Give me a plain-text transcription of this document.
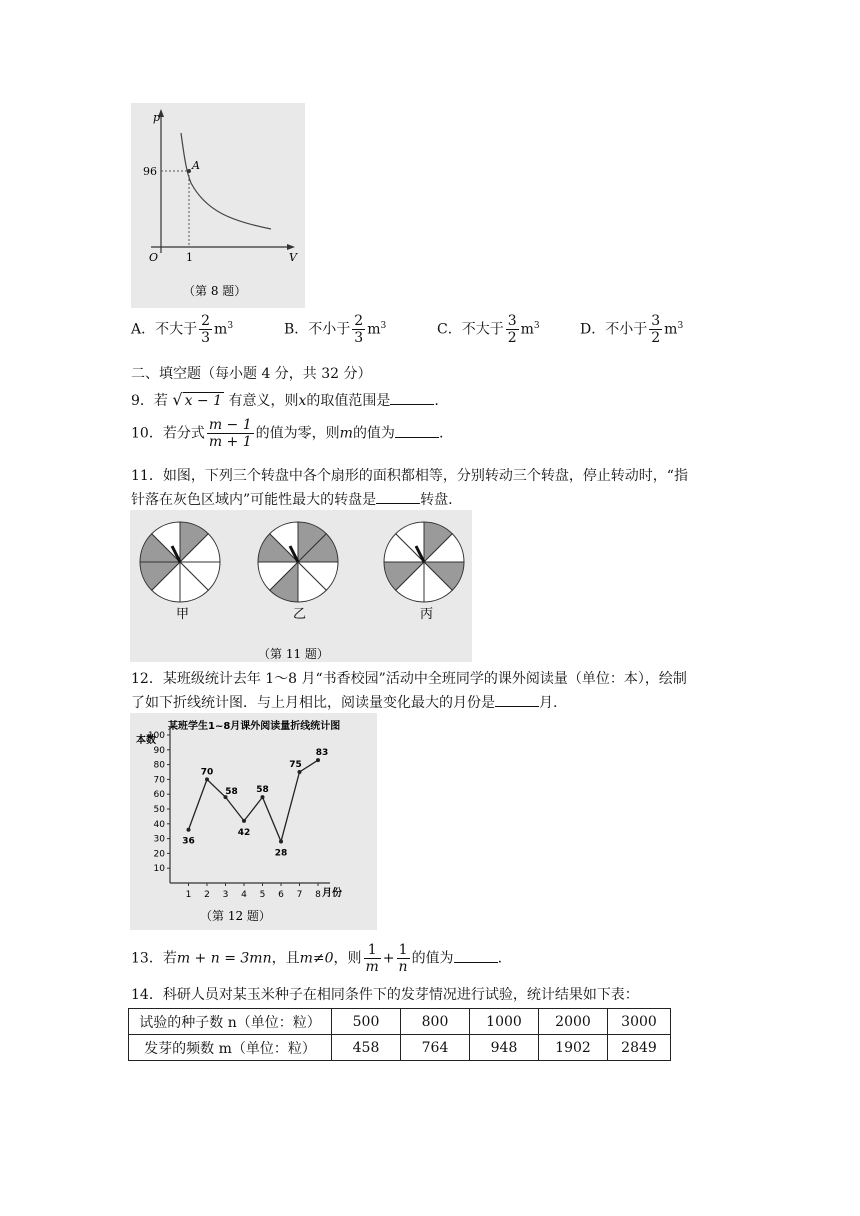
p
V
O
96
1
A
（第 8 题）
A．不大于 $\frac{2}{3} m^3$	B．不小于 $\frac{2}{3} m^3$	C．不大于 $\frac{3}{2} m^3$	D．不小于 $\frac{3}{2} m^3$
二、填空题（每小题 4 分，共 32 分）
9．若 √ x − 1 有意义，则x的取值范围是	.
10．若分式 $\frac{m - 1}{m + 1}$ 的值为零，则m的值为	.
11．如图，下列三个转盘中各个扇形的面积都相等，分别转动三个转盘，停止转动时，“指
针落在灰色区域内”可能性最大的转盘是	转盘.
甲	乙	丙
（第 11 题）
12．某班级统计去年 1～8 月“书香校园”活动中全班同学的课外阅读量（单位：本），绘制
了如下折线统计图．与上月相比，阅读量变化最大的月份是	月.
某班学生1~8月课外阅读量折线统计图
本数
月份
（第 12 题）
10
20
30
40
50
60
70
80
90
100
1 2 3 4 5 6 7 8
36
70
58
42
58
28
75
83
13．若m + n = 3mn，且m≠0，则 $\frac{1}{m} + \frac{1}{n}$ 的值为	.
14．科研人员对某玉米种子在相同条件下的发芽情况进行试验，统计结果如下表：
试验的种子数 n（单位：粒）	500	800	1000	2000	3000
发芽的频数 m（单位：粒）	458	764	948	1902	2849
